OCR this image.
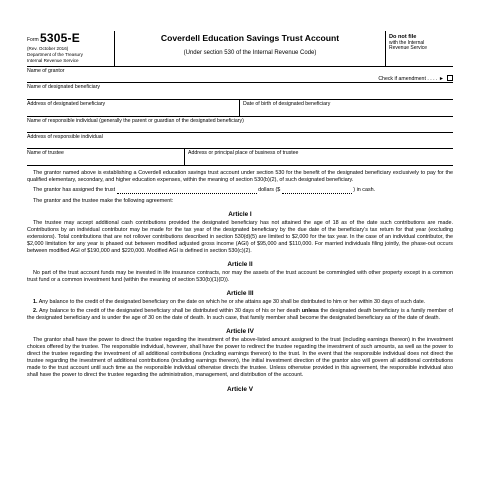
Form 5305-E
(Rev. October 2016)
Department of the Treasury
Internal Revenue Service
Coverdell Education Savings Trust Account
(Under section 530 of the Internal Revenue Code)
Do not file
with the Internal
Revenue Service
Name of grantor
Check if amendment . . . . ►
Name of designated beneficiary
Address of designated beneficiary	Date of birth of designated beneficiary
Name of responsible individual (generally the parent or guardian of the designated beneficiary)
Address of responsible individual
Name of trustee	Address or principal place of business of trustee
The grantor named above is establishing a Coverdell education savings trust account under section 530 for the benefit of the designated beneficiary exclusively to pay for the qualified elementary, secondary, and higher education expenses, within the meaning of section 530(b)(2), of such designated beneficiary.
The grantor has assigned the trust	dollars ($	) in cash.
The grantor and the trustee make the following agreement:
Article I
The trustee may accept additional cash contributions provided the designated beneficiary has not attained the age of 18 as of the date such contributions are made. Contributions by an individual contributor may be made for the tax year of the designated beneficiary by the due date of the beneficiary’s tax return for that year (excluding extensions). Total contributions that are not rollover contributions described in section 530(d)(5) are limited to $2,000 for the tax year. In the case of an individual contributor, the $2,000 limitation for any year is phased out between modified adjusted gross income (AGI) of $95,000 and $110,000. For married individuals filing jointly, the phase-out occurs between modified AGI of $190,000 and $220,000. Modified AGI is defined in section 530(c)(2).
Article II
No part of the trust account funds may be invested in life insurance contracts, nor may the assets of the trust account be commingled with other property except in a common trust fund or a common investment fund (within the meaning of section 530(b)(1)(D)).
Article III
1. Any balance to the credit of the designated beneficiary on the date on which he or she attains age 30 shall be distributed to him or her within 30 days of such date.
2. Any balance to the credit of the designated beneficiary shall be distributed within 30 days of his or her death unless the designated death beneficiary is a family member of the designated beneficiary and is under the age of 30 on the date of death. In such case, that family member shall become the designated beneficiary as of the date of death.
Article IV
The grantor shall have the power to direct the trustee regarding the investment of the above-listed amount assigned to the trust (including earnings thereon) in the investment choices offered by the trustee. The responsible individual, however, shall have the power to redirect the trustee regarding the investment of such amounts, as well as the power to direct the trustee regarding the investment of all additional contributions (including earnings thereon) to the trust. In the event that the responsible individual does not direct the trustee regarding the investment of additional contributions (including earnings thereon), the initial investment direction of the grantor also will govern all additional contributions made to the trust account until such time as the responsible individual otherwise directs the trustee. Unless otherwise provided in this agreement, the responsible individual also shall have the power to direct the trustee regarding the administration, management, and distribution of the account.
Article V
